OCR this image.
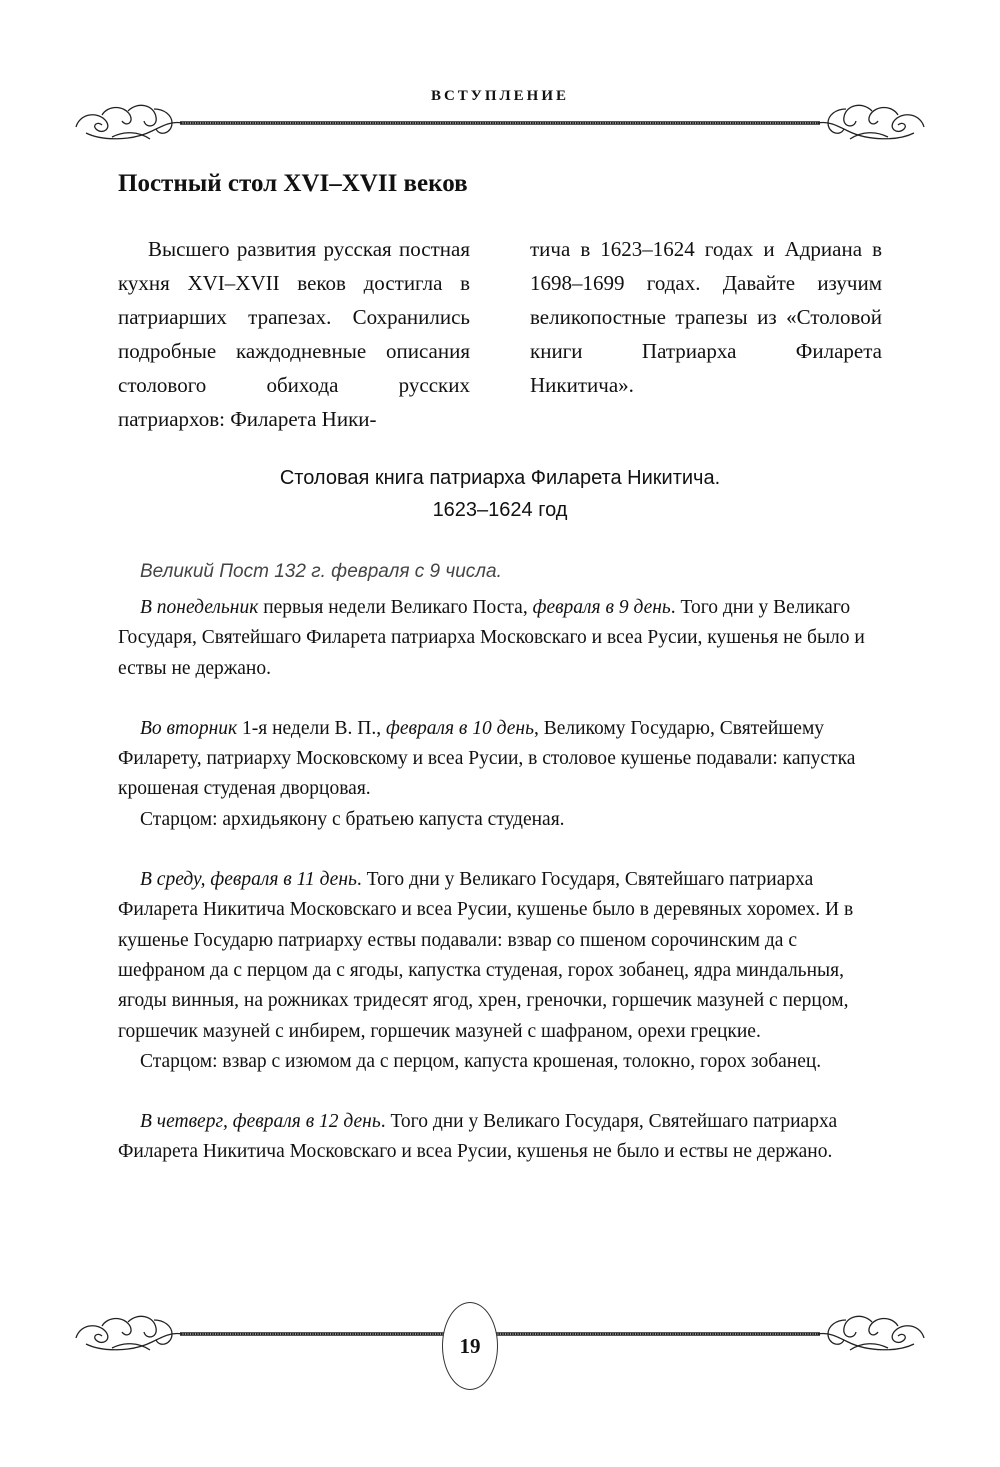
ВСТУПЛЕНИЕ
Постный стол XVI–XVII веков

Высшего развития русская постная кухня XVI–XVII веков достигла в патриарших трапезах. Сохранились подробные каждодневные описания столового обихода русских патриархов: Филарета Ники-

тича в 1623–1624 годах и Адриана в 1698–1699 годах. Давайте изучим великопостные трапезы из «Столовой книги Патриарха Филарета Никитича».

Столовая книга патриарха Филарета Никитича.
1623–1624 год

Великий Пост 132 г. февраля с 9 числа.

В понедельник первыя недели Великаго Поста, февраля в 9 день. Того дни у Великаго Государя, Святейшаго Филарета патриарха Московскаго и всеа Русии, кушенья не было и ествы не держано.

Во вторник 1-я недели В. П., февраля в 10 день, Великому Государю, Святейшему Филарету, патриарху Московскому и всеа Русии, в столовое кушенье подавали: капустка крошеная студеная дворцовая.

Старцом: архидьякону с братьею капуста студеная.

В среду, февраля в 11 день. Того дни у Великаго Государя, Святейшаго патриарха Филарета Никитича Московскаго и всеа Русии, кушенье было в деревяных хоромех. И в кушенье Государю патриарху ествы подавали: взвар со пшеном сорочинским да с шефраном да с перцом да с ягоды, капустка студеная, горох зобанец, ядра миндальныя, ягоды винныя, на рожниках тридесят ягод, хрен, греночки, горшечик мазуней с перцом, горшечик мазуней с инбирем, горшечик мазуней с шафраном, орехи грецкие.

Старцом: взвар с изюмом да с перцом, капуста крошеная, толокно, горох зобанец.

В четверг, февраля в 12 день. Того дни у Великаго Государя, Святейшаго патриарха Филарета Никитича Московскаго и всеа Русии, кушенья не было и ествы не держано.

19
